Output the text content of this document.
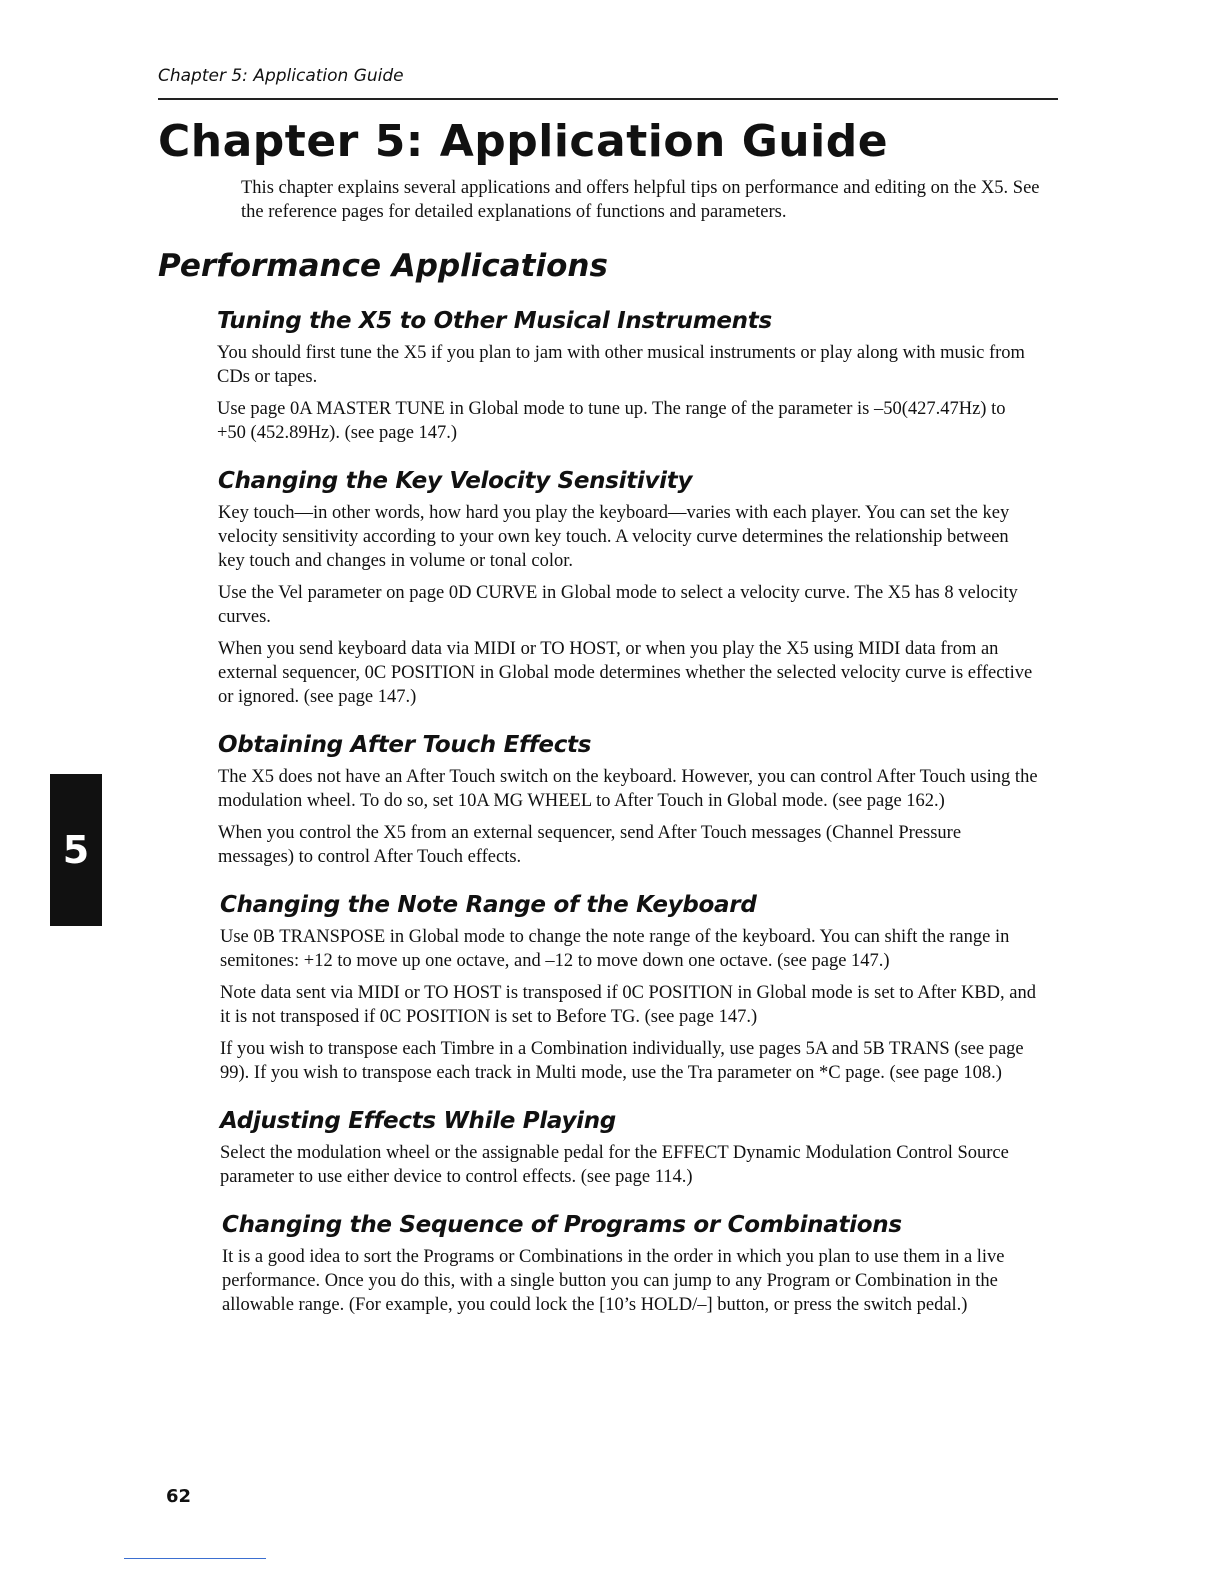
Chapter 5: Application Guide
Chapter 5: Application Guide

This chapter explains several applications and offers helpful tips on performance and editing on the X5. See the reference pages for detailed explanations of functions and parameters.

Performance Applications
Tuning the X5 to Other Musical Instruments

You should first tune the X5 if you plan to jam with other musical instruments or play along with music from CDs or tapes.

Use page 0A MASTER TUNE in Global mode to tune up. The range of the parameter is –50(427.47Hz) to +50 (452.89Hz). (see page 147.)

Changing the Key Velocity Sensitivity

Key touch—in other words, how hard you play the keyboard—varies with each player. You can set the key velocity sensitivity according to your own key touch. A velocity curve determines the relationship between key touch and changes in volume or tonal color.

Use the Vel parameter on page 0D CURVE in Global mode to select a velocity curve. The X5 has 8 velocity curves.

When you send keyboard data via MIDI or TO HOST, or when you play the X5 using MIDI data from an external sequencer, 0C POSITION in Global mode determines whether the selected velocity curve is effective or ignored. (see page 147.)

Obtaining After Touch Effects

The X5 does not have an After Touch switch on the keyboard. However, you can control After Touch using the modulation wheel. To do so, set 10A MG WHEEL to After Touch in Global mode. (see page 162.)

When you control the X5 from an external sequencer, send After Touch messages (Channel Pressure messages) to control After Touch effects.

Changing the Note Range of the Keyboard

Use 0B TRANSPOSE in Global mode to change the note range of the keyboard. You can shift the range in semitones: +12 to move up one octave, and –12 to move down one octave. (see page 147.)

Note data sent via MIDI or TO HOST is transposed if 0C POSITION in Global mode is set to After KBD, and it is not transposed if 0C POSITION is set to Before TG. (see page 147.)

If you wish to transpose each Timbre in a Combination individually, use pages 5A and 5B TRANS (see page 99). If you wish to transpose each track in Multi mode, use the Tra parameter on *C page. (see page 108.)

Adjusting Effects While Playing

Select the modulation wheel or the assignable pedal for the EFFECT Dynamic Modulation Control Source parameter to use either device to control effects. (see page 114.)

Changing the Sequence of Programs or Combinations

It is a good idea to sort the Programs or Combinations in the order in which you plan to use them in a live performance. Once you do this, with a single button you can jump to any Program or Combination in the allowable range. (For example, you could lock the [10’s HOLD/–] button, or press the switch pedal.)

5
62
